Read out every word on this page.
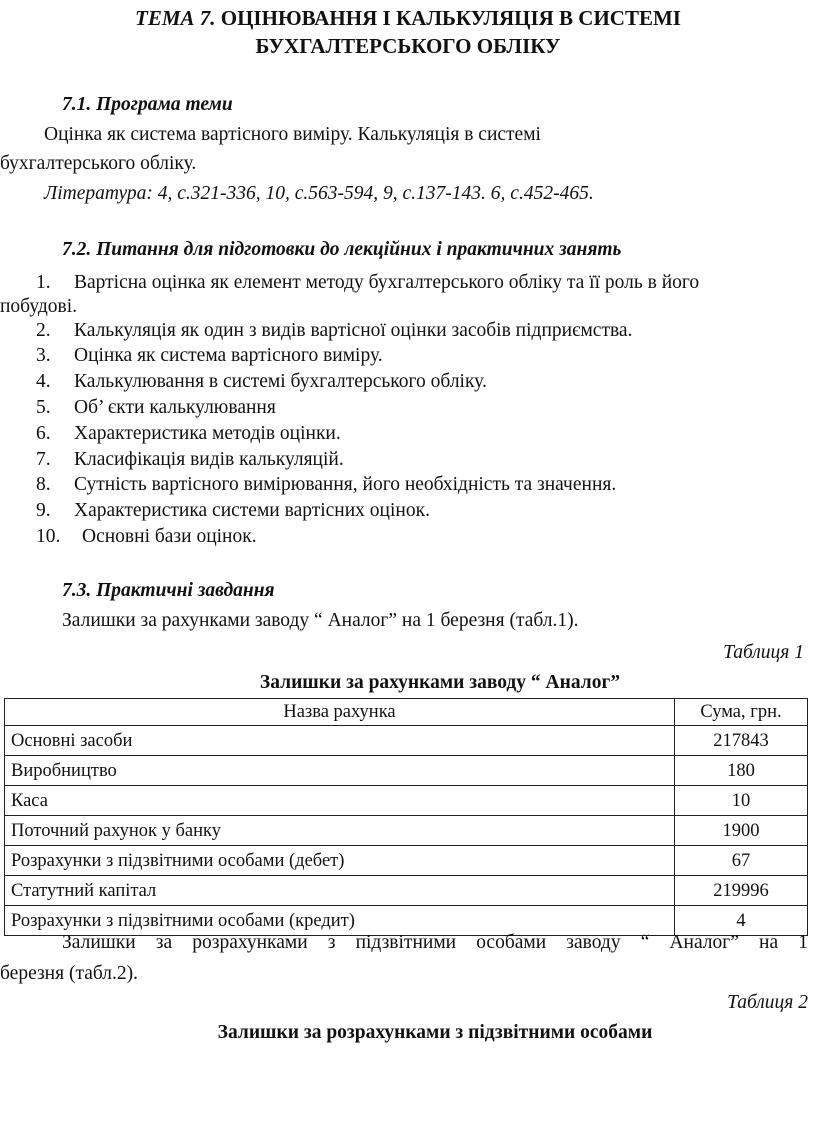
ТЕМА 7. ОЦІНЮВАННЯ І КАЛЬКУЛЯЦІЯ В СИСТЕМІ
БУХГАЛТЕРСЬКОГО ОБЛІКУ
7.1. Програма теми
Оцінка як система вартісного виміру. Калькуляція в системі
бухгалтерського обліку.
Література: 4, с.321-336, 10, с.563-594, 9, с.137-143. 6, с.452-465.
7.2. Питання для підготовки до лекційних і практичних занять
1. Вартісна оцінка як елемент методу бухгалтерського обліку та її роль в його
побудові.
2. Калькуляція як один з видів вартісної оцінки засобів підприємства.
3. Оцінка як система вартісного виміру.
4. Калькулювання в системі бухгалтерського обліку.
5. Об’ єкти калькулювання
6. Характеристика методів оцінки.
7. Класифікація видів калькуляцій.
8. Сутність вартісного вимірювання, його необхідність та значення.
9. Характеристика системи вартісних оцінок.
10. Основні бази оцінок.
7.3. Практичні завдання
Залишки за рахунками заводу “ Аналог” на 1 березня (табл.1).
Таблиця 1
Залишки за рахунками заводу “ Аналог”
Назва рахунка	Сума, грн.
Основні засоби	217843
Виробництво	180
Каса	10
Поточний рахунок у банку	1900
Розрахунки з підзвітними особами (дебет)	67
Статутний капітал	219996
Розрахунки з підзвітними особами (кредит)	4
Залишки за розрахунками з підзвітними особами заводу “ Аналог” на 1
березня (табл.2).
Таблиця 2
Залишки за розрахунками з підзвітними особами
